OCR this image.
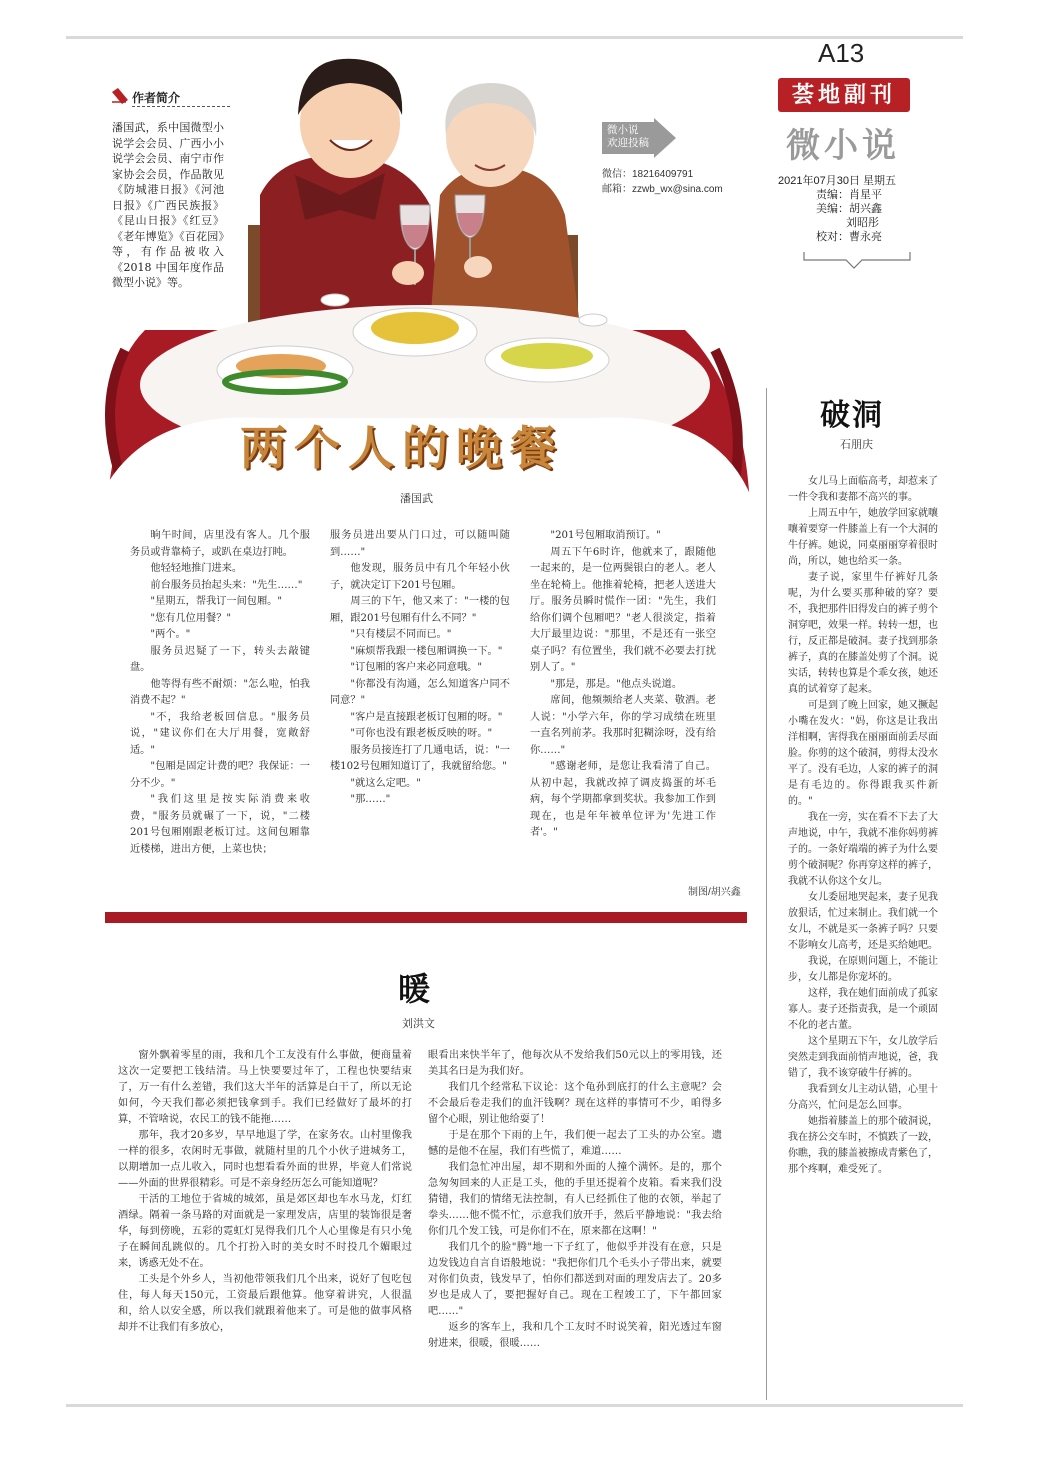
A13
荟地副刊
微小说
2021年07月30日 星期五
责编：肖星平
美编：胡兴鑫
刘昭彤
校对：曹永亮
作者简介
潘国武，系中国微型小说学会会员、广西小小说学会会员、南宁市作家协会会员，作品散见《防城港日报》《河池日报》《广西民族报》《昆山日报》《红豆》《老年博览》《百花园》等，有作品被收入《2018 中国年度作品微型小说》等。
微小说
欢迎投稿
微信：18216409791
邮箱：zzwb_wx@sina.com
两个人的晚餐
潘国武

晌午时间，店里没有客人。几个服务员或背靠椅子，或趴在桌边打盹。

他轻轻地推门进来。

前台服务员抬起头来："先生……"

"星期五，帮我订一间包厢。"

"您有几位用餐？"

"两个。"

服务员迟疑了一下，转头去敲键盘。

他等得有些不耐烦："怎么啦，怕我消费不起？"

"不，我给老板回信息。"服务员说，"建议你们在大厅用餐，宽敞舒适。"

"包厢是固定计费的吧？我保证：一分不少。"

"我们这里是按实际消费来收费，"服务员就碾了一下，说，"二楼201号包厢刚跟老板订过。这间包厢靠近楼梯，进出方便，上菜也快；

服务员进出要从门口过，可以随叫随到……"

他发现，服务员中有几个年轻小伙子，就决定订下201号包厢。

周三的下午，他又来了："一楼的包厢，跟201号包厢有什么不同？"

"只有楼层不同而已。"

"麻烦帮我跟一楼包厢调换一下。"

"订包厢的客户来必同意哦。"

"你都没有沟通，怎么知道客户同不同意？"

"客户是直接跟老板订包厢的呀。"

"可你也没有跟老板反映的呀。"

服务员接连打了几通电话，说："一楼102号包厢知道订了，我就留给您。"

"就这么定吧。"

"那……"

"201号包厢取消预订。"

周五下午6时许，他就来了，跟随他一起来的，是一位两鬓银白的老人。老人坐在轮椅上。他推着轮椅，把老人送进大厅。服务员瞬时慌作一团："先生，我们给你们调个包厢吧？"老人很淡定，指着大厅最里边说："那里，不是还有一张空桌子吗？有位置坐，我们就不必要去打扰别人了。"

"那是，那是。"他点头说道。

席间，他频频给老人夹菜、敬酒。老人说："小学六年，你的学习成绩在班里一直名列前茅。我那时犯糊涂呀，没有给你……"

"感谢老师，是您让我看清了自己。从初中起，我就改掉了调皮捣蛋的坏毛病，每个学期都拿到奖状。我参加工作到现在，也是年年被单位评为'先进工作者'。"

制图/胡兴鑫
暖
刘洪文

窗外飘着零星的雨，我和几个工友没有什么事做，便商量着这次一定要把工钱结清。马上快要要过年了，工程也快要结束了，万一有什么差错，我们这大半年的活算是白干了，所以无论如何，今天我们都必须把钱拿到手。我们已经做好了最坏的打算，不管啥说，农民工的钱不能拖……

那年，我才20多岁，早早地退了学，在家务农。山村里像我一样的很多，农闲时无事做，就随村里的几个小伙子进城务工，以期增加一点儿收入，同时也想看看外面的世界，毕竟人们常说——外面的世界很精彩。可是不亲身经历怎么可能知道呢？

干活的工地位于省城的城郊，虽是郊区却也车水马龙，灯红酒绿。隔着一条马路的对面就是一家理发店，店里的装饰很是奢华，每到傍晚，五彩的霓虹灯晃得我们几个人心里像是有只小兔子在瞬间乱跳似的。几个打扮入时的美女时不时投几个媚眼过来，诱惑无处不在。

工头是个外乡人，当初他带领我们几个出来，说好了包吃包住，每人每天150元，工资最后跟他算。他穿着讲究，人很温和，给人以安全感，所以我们就跟着他来了。可是他的做事风格却并不让我们有多放心，

眼看出来快半年了，他每次从不发给我们50元以上的零用钱，还美其名曰是为我们好。

我们几个经常私下议论：这个龟孙到底打的什么主意呢？会不会最后卷走我们的血汗钱啊？现在这样的事情可不少，咱得多留个心眼，别让他给耍了！

于是在那个下雨的上午，我们便一起去了工头的办公室。遗憾的是他不在屋，我们有些慌了，难道……

我们急忙冲出屋，却不期和外面的人撞个满怀。是的，那个急匆匆回来的人正是工头，他的手里还提着个皮箱。看来我们没猜错，我们的情绪无法控制，有人已经抓住了他的衣领，举起了拳头……他不慌不忙，示意我们放开手，然后平静地说："我去给你们几个发工钱，可是你们不在，原来都在这啊！"

我们几个的脸"腾"地一下子红了，他似乎并没有在意，只是边发钱边自言自语般地说："我把你们几个毛头小子带出来，就要对你们负责，钱发早了，怕你们都送到对面的理发店去了。20多岁也是成人了，要把握好自己。现在工程竣工了，下午都回家吧……"

返乡的客车上，我和几个工友时不时说笑着，阳光透过车窗射进来，很暖，很暖……

破洞
石朋庆

女儿马上面临高考，却惹来了一件令我和妻都不高兴的事。

上周五中午，她放学回家就嚷嚷着要穿一件膝盖上有一个大洞的牛仔裤。她说，同桌丽丽穿着很时尚，所以，她也给买一条。

妻子说，家里牛仔裤好几条呢，为什么要买那种破的穿？要不，我把那件旧得发白的裤子剪个洞穿吧，效果一样。转转一想，也行，反正都是破洞。妻子找到那条裤子，真的在膝盖处剪了个洞。说实话，转转也算是个乖女孩，她还真的试着穿了起来。

可是到了晚上回家，她又撅起小嘴在发火："妈，你这是让我出洋相啊，害得我在丽丽面前丢尽面脸。你剪的这个破洞，剪得太没水平了。没有毛边，人家的裤子的洞是有毛边的。你得跟我买件新的。"

我在一旁，实在看不下去了大声地说，中午，我就不准你妈剪裤子的。一条好端端的裤子为什么要剪个破洞呢？你再穿这样的裤子，我就不认你这个女儿。

女儿委屈地哭起来，妻子见我放狠话，忙过来制止。我们就一个女儿，不就是买一条裤子吗？只要不影响女儿高考，还是买给她吧。

我说，在原则问题上，不能让步，女儿都是你宠坏的。

这样，我在她们面前成了孤家寡人。妻子还指责我，是一个顽固不化的老古董。

这个星期五下午，女儿放学后突然走到我面前悄声地说，爸，我错了，我不该穿破牛仔裤的。

我看到女儿主动认错，心里十分高兴，忙问是怎么回事。

她指着膝盖上的那个破洞说，我在挤公交车时，不慎跌了一跤，你瞧，我的膝盖被擦成青紫色了，那个疼啊，难受死了。
